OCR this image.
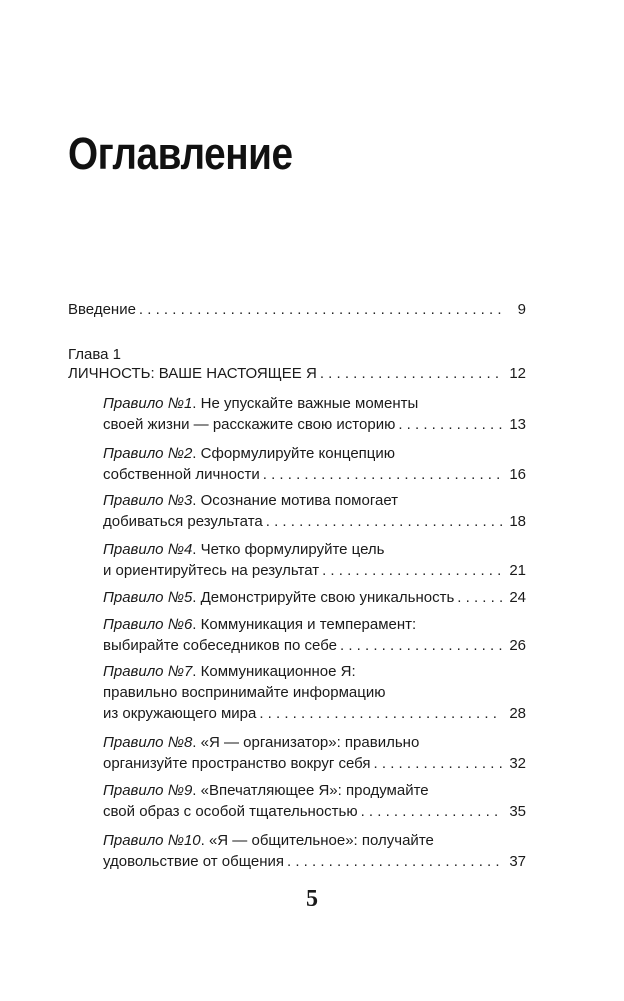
Оглавление
Введение . . .	9
Глава 1
ЛИЧНОСТЬ: ВАШЕ НАСТОЯЩЕЕ Я . . .	12
Правило №1. Не упускайте важные моменты
своей жизни — расскажите свою историю . . .	13
Правило №2. Сформулируйте концепцию
собственной личности . . .	16
Правило №3. Осознание мотива помогает
добиваться результата . . .	18
Правило №4. Четко формулируйте цель
и ориентируйтесь на результат . . .	21
Правило №5. Демонстрируйте свою уникальность . . .	24
Правило №6. Коммуникация и темперамент:
выбирайте собеседников по себе . . .	26
Правило №7. Коммуникационное Я:
правильно воспринимайте информацию
из окружающего мира . . .	28
Правило №8. «Я — организатор»: правильно
организуйте пространство вокруг себя . . .	32
Правило №9. «Впечатляющее Я»: продумайте
свой образ с особой тщательностью . . .	35
Правило №10. «Я — общительное»: получайте
удовольствие от общения . . .	37
5
